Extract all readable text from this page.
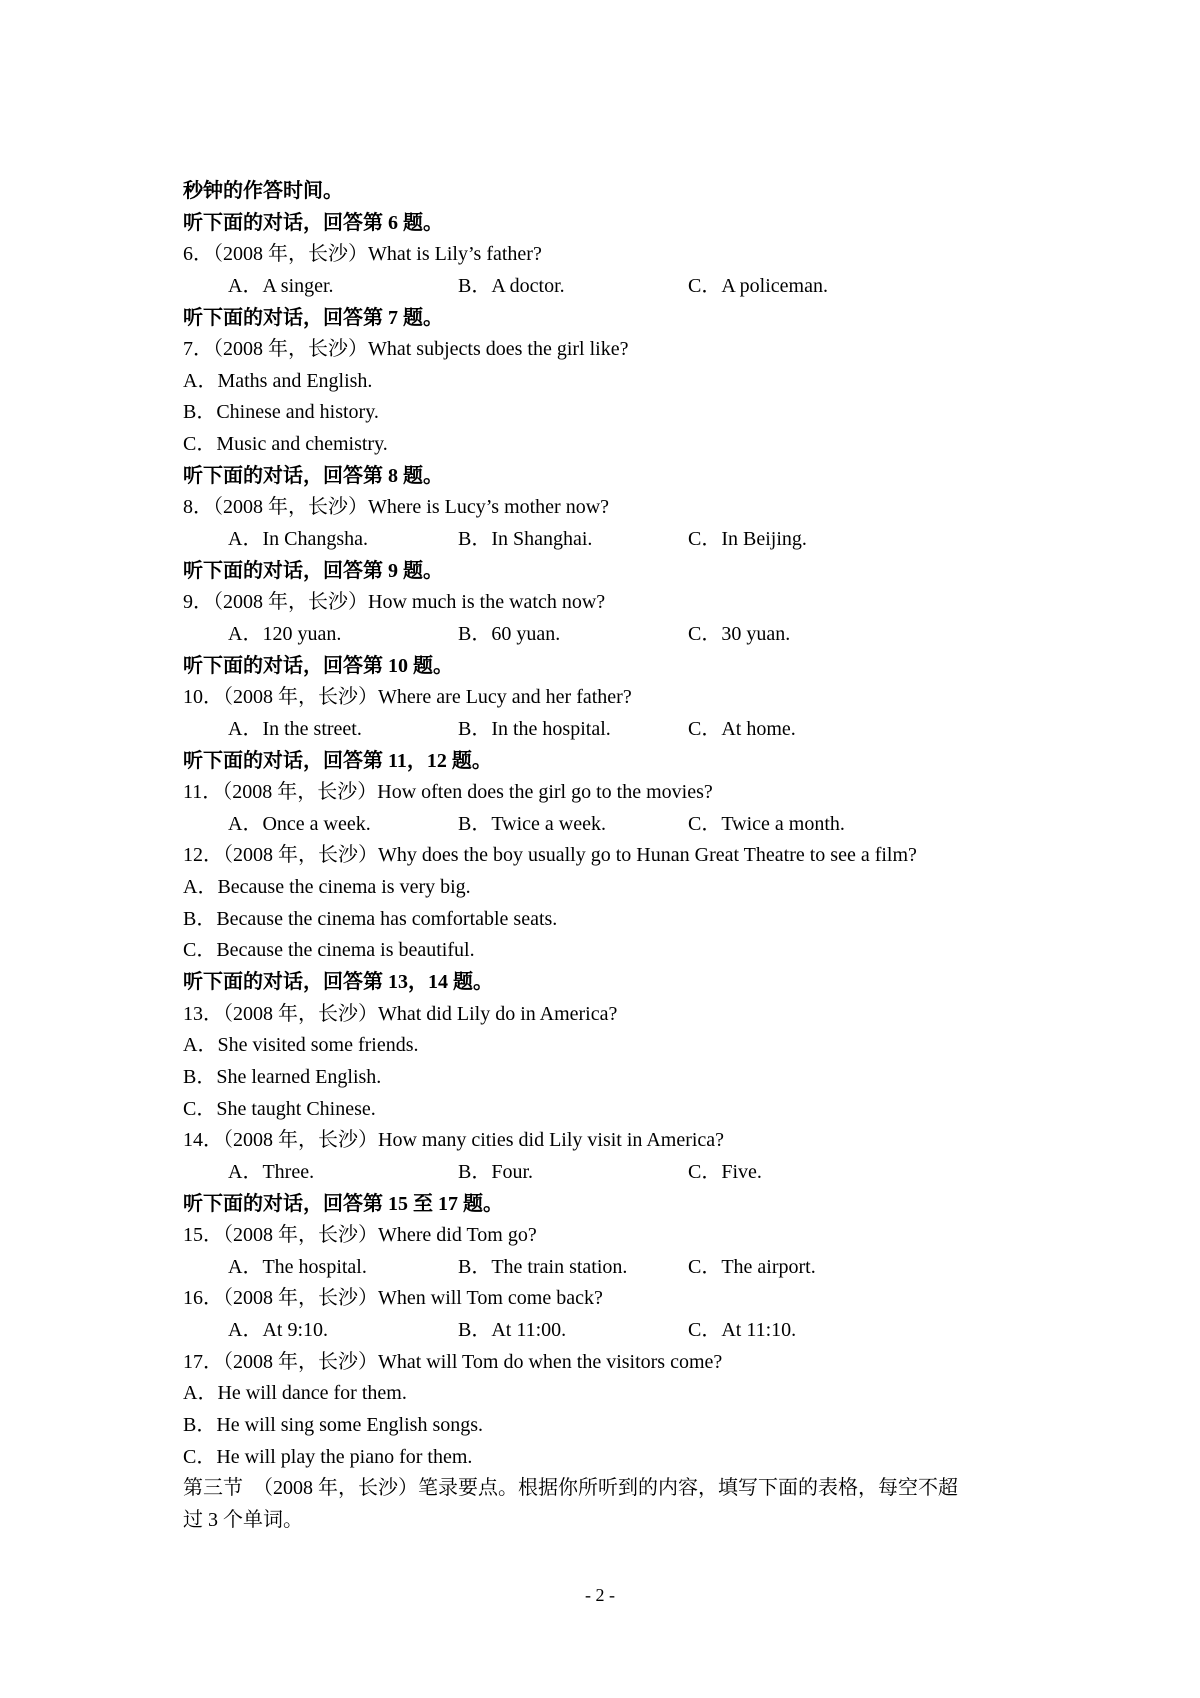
秒钟的作答时间。
听下面的对话，回答第 6 题。
6．（2008 年，长沙）What is Lily’s father?
A．A singer.	B．A doctor.	C．A policeman.
听下面的对话，回答第 7 题。
7．（2008 年，长沙）What subjects does the girl like?
A．Maths and English.
B．Chinese and history.
C．Music and chemistry.
听下面的对话，回答第 8 题。
8．（2008 年，长沙）Where is Lucy’s mother now?
A．In Changsha.	B．In Shanghai.	C．In Beijing.
听下面的对话，回答第 9 题。
9．（2008 年，长沙）How much is the watch now?
A．120 yuan.	B．60 yuan.	C．30 yuan.
听下面的对话，回答第 10 题。
10．（2008 年，长沙）Where are Lucy and her father?
A．In the street.	B．In the hospital.	C．At home.
听下面的对话，回答第 11，12 题。
11．（2008 年，长沙）How often does the girl go to the movies?
A．Once a week.	B．Twice a week.	C．Twice a month.
12．（2008 年，长沙）Why does the boy usually go to Hunan Great Theatre to see a film?
A．Because the cinema is very big.
B．Because the cinema has comfortable seats.
C．Because the cinema is beautiful.
听下面的对话，回答第 13，14 题。
13．（2008 年，长沙）What did Lily do in America?
A．She visited some friends.
B．She learned English.
C．She taught Chinese.
14．（2008 年，长沙）How many cities did Lily visit in America?
A．Three.	B．Four.	C．Five.
听下面的对话，回答第 15 至 17 题。
15．（2008 年，长沙）Where did Tom go?
A．The hospital.	B．The train station.	C．The airport.
16．（2008 年，长沙）When will Tom come back?
A．At 9:10.	B．At 11:00.	C．At 11:10.
17．（2008 年，长沙）What will Tom do when the visitors come?
A．He will dance for them.
B．He will sing some English songs.
C．He will play the piano for them.
第三节　（2008 年，长沙）笔录要点。根据你所听到的内容，填写下面的表格，每空不超
过 3 个单词。
- 2 -
